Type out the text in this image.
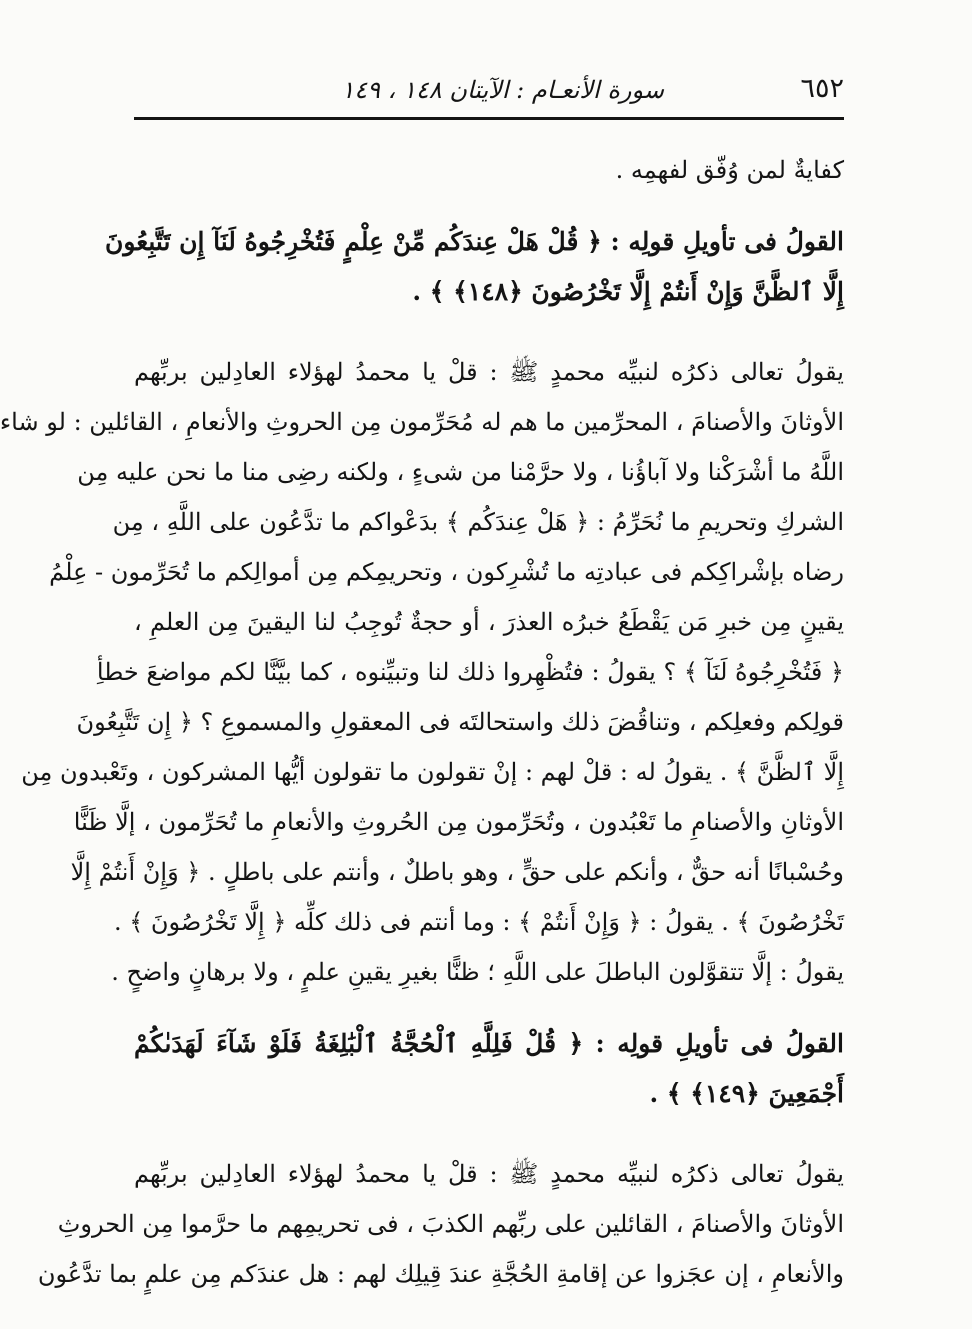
٦٥٢
سورة الأنعـام : الآيتان ١٤٨ ، ١٤٩
كفايةٌ لمن وُفّق لفهمِه .
القولُ فى تأويلِ قولِه : ﴿ قُلْ هَلْ عِندَكُم مِّنْ عِلْمٍ فَتُخْرِجُوهُ لَنَآ إِن تَتَّبِعُونَ
إِلَّا ٱلظَّنَّ وَإِنْ أَنتُمْ إِلَّا تَخْرُصُونَ ﴿١٤٨﴾ ﴾ .
يقولُ تعالى ذكرُه لنبيِّه محمدٍ ﷺ : قلْ يا محمدُ لهؤلاء العادِلين بربِّهم
الأوثانَ والأصنامَ ، المحرِّمين ما هم له مُحَرِّمون مِن الحروثِ والأنعامِ ، القائلين : لو شاء
اللَّهُ ما أشْرَكْنا ولا آباؤُنا ، ولا حرَّمْنا من شىءٍ ، ولكنه رضِى منا ما نحن عليه مِن
الشركِ وتحريمِ ما نُحَرِّمُ : ﴿ هَلْ عِندَكُم ﴾ بدَعْواكم ما تدَّعُون على اللَّهِ ، مِن
رضاه بإشْراكِكم فى عبادتِه ما تُشْرِكون ، وتحريمِكم مِن أموالِكم ما تُحَرِّمون - عِلْمُ
يقينٍ مِن خبرِ مَن يَقْطَعُ خبرُه العذرَ ، أو حجةٌ تُوجِبُ لنا اليقينَ مِن العلمِ ،
﴿ فَتُخْرِجُوهُ لَنَآ ﴾ ؟ يقولُ : فتُظْهِروا ذلك لنا وتبيِّنوه ، كما بيَّنَّا لكم مواضعَ خطأِ
قولِكم وفعلِكم ، وتناقُضَ ذلك واستحالتَه فى المعقولِ والمسموعِ ؟ ﴿ إِن تَتَّبِعُونَ
إِلَّا ٱلظَّنَّ ﴾ . يقولُ له : قلْ لهم : إنْ تقولون ما تقولون أيُّها المشركون ، وتَعْبدون مِن
الأوثانِ والأصنامِ ما تَعْبُدون ، وتُحَرِّمون مِن الحُروثِ والأنعامِ ما تُحَرِّمون ، إلَّا ظَنًّا
وحُسْبانًا أنه حقٌّ ، وأنكم على حقٍّ ، وهو باطلٌ ، وأنتم على باطلٍ . ﴿ وَإِنْ أَنتُمْ إِلَّا
تَخْرُصُونَ ﴾ . يقولُ : ﴿ وَإِنْ أَنتُمْ ﴾ : وما أنتم فى ذلك كلِّه ﴿ إِلَّا تَخْرُصُونَ ﴾ .
يقولُ : إلَّا تتقوَّلون الباطلَ على اللَّهِ ؛ ظنًّا بغيرِ يقينِ علمٍ ، ولا برهانٍ واضحٍ .
القولُ فى تأويلِ قولِه : ﴿ قُلْ فَلِلَّهِ ٱلْحُجَّةُ ٱلْبَٰلِغَةُ فَلَوْ شَآءَ لَهَدَىٰكُمْ
أَجْمَعِينَ ﴿١٤٩﴾ ﴾ .
يقولُ تعالى ذكرُه لنبيِّه محمدٍ ﷺ : قلْ يا محمدُ لهؤلاء العادِلين بربِّهم
الأوثانَ والأصنامَ ، القائلين على ربِّهم الكذبَ ، فى تحريمِهم ما حرَّموا مِن الحروثِ
والأنعامِ ، إن عجَزوا عن إقامةِ الحُجَّةِ عندَ قِيلِك لهم : هل عندَكم مِن علمٍ بما تدَّعُون
